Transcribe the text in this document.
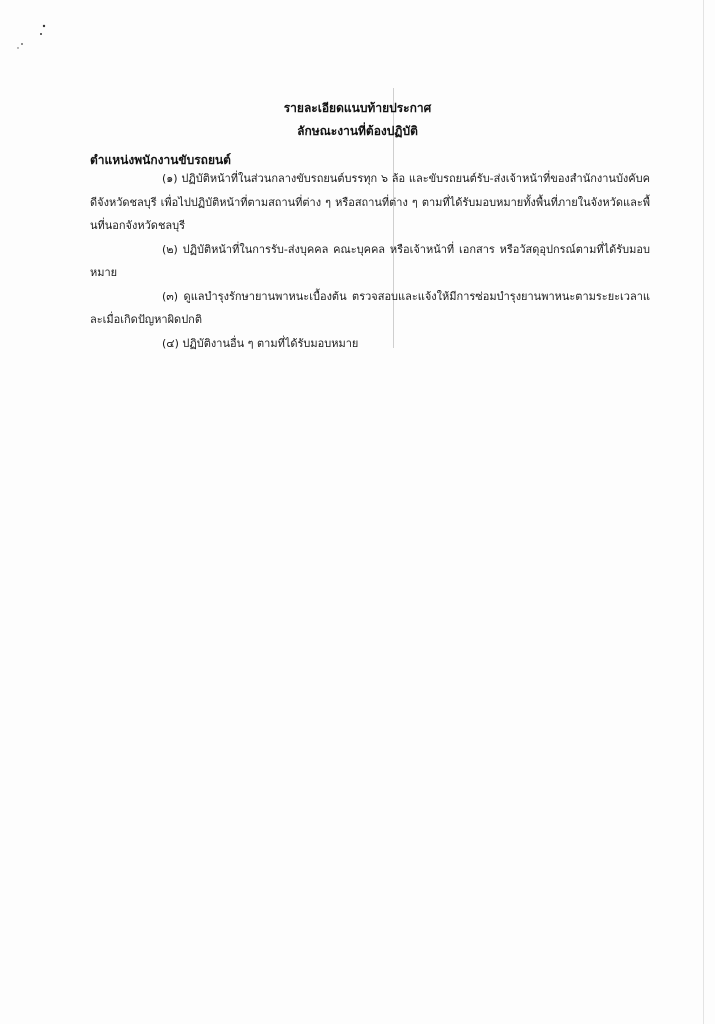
รายละเอียดแนบท้ายประกาศ
ลักษณะงานที่ต้องปฏิบัติ
ตำแหน่งพนักงานขับรถยนต์

(๑) ปฏิบัติหน้าที่ในส่วนกลางขับรถยนต์บรรทุก ๖ ล้อ และขับรถยนต์รับ-ส่งเจ้าหน้าที่ของสำนักงานบังคับคดีจังหวัดชลบุรี เพื่อไปปฏิบัติหน้าที่ตามสถานที่ต่าง ๆ หรือสถานที่ต่าง ๆ ตามที่ได้รับมอบหมายทั้งพื้นที่ภายในจังหวัดและพื้นที่นอกจังหวัดชลบุรี

(๒) ปฏิบัติหน้าที่ในการรับ-ส่งบุคคล คณะบุคคล หรือเจ้าหน้าที่ เอกสาร หรือวัสดุอุปกรณ์ตามที่ได้รับมอบหมาย

(๓) ดูแลบำรุงรักษายานพาหนะเบื้องต้น ตรวจสอบและแจ้งให้มีการซ่อมบำรุงยานพาหนะตามระยะเวลาและเมื่อเกิดปัญหาผิดปกติ

(๔) ปฏิบัติงานอื่น ๆ ตามที่ได้รับมอบหมาย
